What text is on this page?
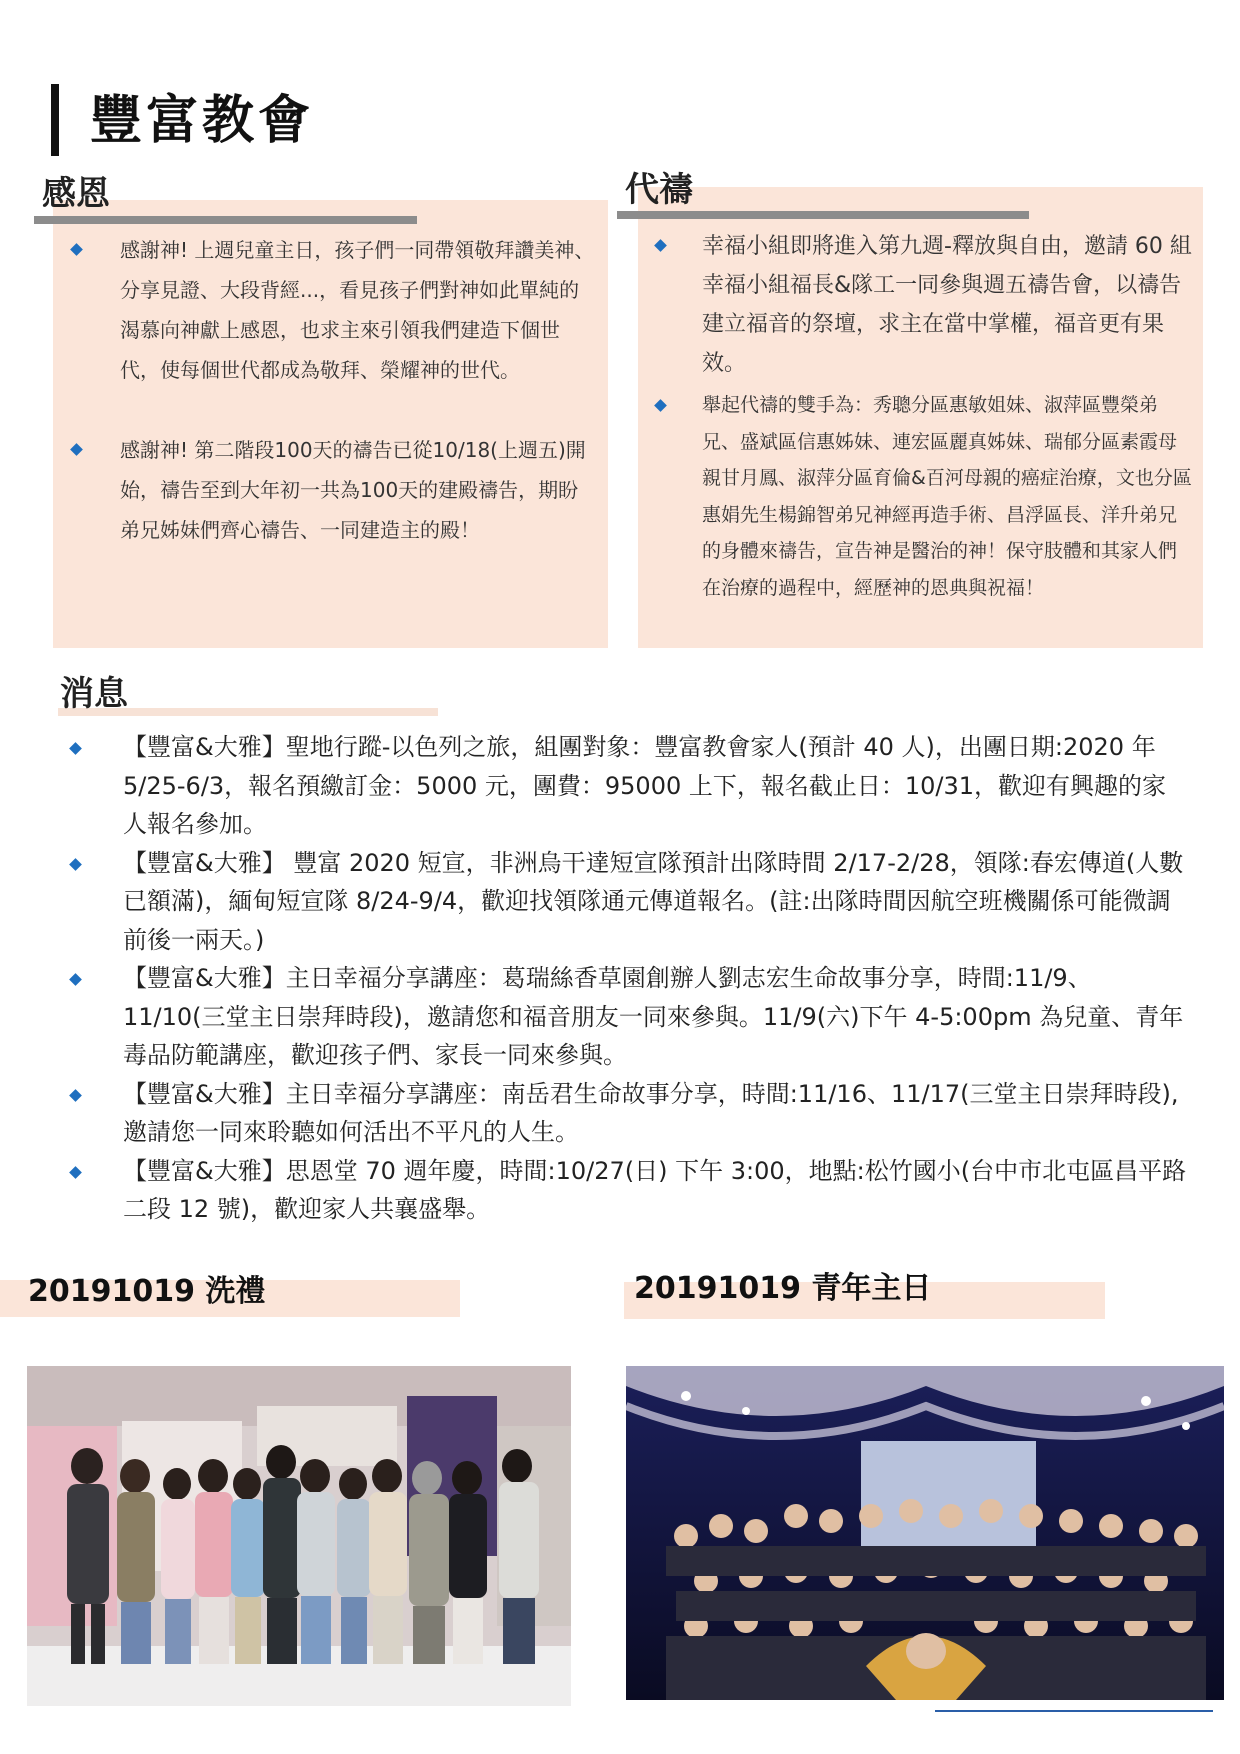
豐富教會
感恩
感謝神! 上週兒童主日，孩子們一同帶領敬拜讚美神、分享見證、大段背經...，看見孩子們對神如此單純的渴慕向神獻上感恩，也求主來引領我們建造下個世代，使每個世代都成為敬拜、榮耀神的世代。
感謝神! 第二階段100天的禱告已從10/18(上週五)開始，禱告至到大年初一共為100天的建殿禱告，期盼弟兄姊妹們齊心禱告、一同建造主的殿！
代禱
幸福小組即將進入第九週-釋放與自由，邀請 60 組幸福小組福長&隊工一同參與週五禱告會，以禱告建立福音的祭壇，求主在當中掌權，福音更有果效。
舉起代禱的雙手為：秀聰分區惠敏姐妹、淑萍區豐榮弟兄、盛斌區信惠姊妹、連宏區麗真姊妹、瑞郁分區素霞母親甘月鳳、淑萍分區育倫&百河母親的癌症治療，文也分區惠娟先生楊錦智弟兄神經再造手術、昌浮區長、洋升弟兄的身體來禱告，宣告神是醫治的神！保守肢體和其家人們在治療的過程中，經歷神的恩典與祝福！
消息
【豐富&大雅】聖地行蹤-以色列之旅，組團對象：豐富教會家人(預計 40 人)，出團日期:2020 年 5/25-6/3，報名預繳訂金：5000 元，團費：95000 上下，報名截止日：10/31，歡迎有興趣的家人報名參加。
【豐富&大雅】 豐富 2020 短宣，非洲烏干達短宣隊預計出隊時間 2/17-2/28，領隊:春宏傳道(人數已額滿)，緬甸短宣隊 8/24-9/4，歡迎找領隊通元傳道報名。(註:出隊時間因航空班機關係可能微調前後一兩天。)
【豐富&大雅】主日幸福分享講座：葛瑞絲香草園創辦人劉志宏生命故事分享，時間:11/9、11/10(三堂主日崇拜時段)，邀請您和福音朋友一同來參與。11/9(六)下午 4-5:00pm 為兒童、青年毒品防範講座，歡迎孩子們、家長一同來參與。
【豐富&大雅】主日幸福分享講座：南岳君生命故事分享，時間:11/16、11/17(三堂主日崇拜時段),邀請您一同來聆聽如何活出不平凡的人生。
【豐富&大雅】思恩堂 70 週年慶，時間:10/27(日) 下午 3:00，地點:松竹國小(台中市北屯區昌平路二段 12 號)，歡迎家人共襄盛舉。
20191019 洗禮	20191019 青年主日
